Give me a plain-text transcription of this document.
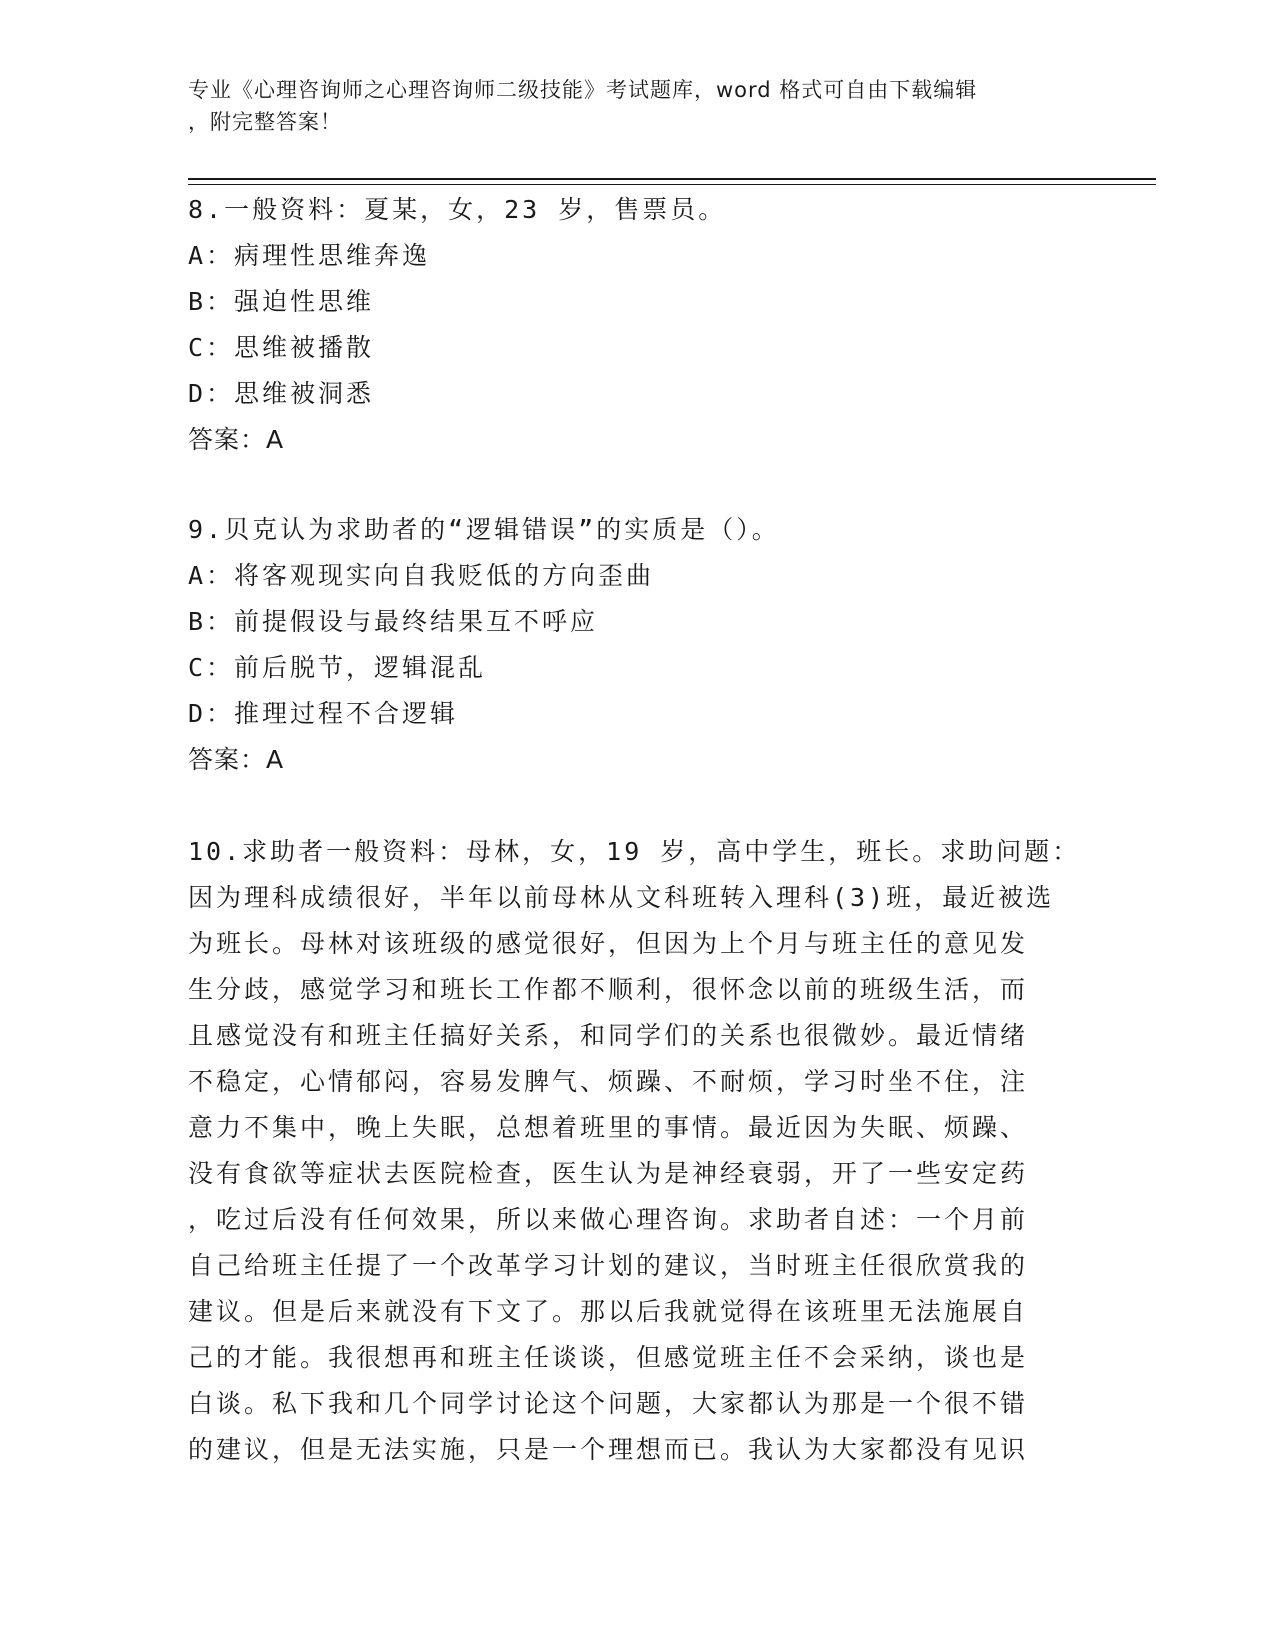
专业《心理咨询师之心理咨询师二级技能》考试题库，word 格式可自由下载编辑
，附完整答案！
8.一般资料：夏某，女，23 岁，售票员。
A：病理性思维奔逸
B：强迫性思维
C：思维被播散
D：思维被洞悉
答案：A
9.贝克认为求助者的“逻辑错误”的实质是（）。
A：将客观现实向自我贬低的方向歪曲
B：前提假设与最终结果互不呼应
C：前后脱节，逻辑混乱
D：推理过程不合逻辑
答案：A
10.求助者一般资料：母林，女，19 岁，高中学生，班长。求助问题：
因为理科成绩很好，半年以前母林从文科班转入理科(3)班，最近被选
为班长。母林对该班级的感觉很好，但因为上个月与班主任的意见发
生分歧，感觉学习和班长工作都不顺利，很怀念以前的班级生活，而
且感觉没有和班主任搞好关系，和同学们的关系也很微妙。最近情绪
不稳定，心情郁闷，容易发脾气、烦躁、不耐烦，学习时坐不住，注
意力不集中，晚上失眠，总想着班里的事情。最近因为失眠、烦躁、
没有食欲等症状去医院检查，医生认为是神经衰弱，开了一些安定药
，吃过后没有任何效果，所以来做心理咨询。求助者自述：一个月前
自己给班主任提了一个改革学习计划的建议，当时班主任很欣赏我的
建议。但是后来就没有下文了。那以后我就觉得在该班里无法施展自
己的才能。我很想再和班主任谈谈，但感觉班主任不会采纳，谈也是
白谈。私下我和几个同学讨论这个问题，大家都认为那是一个很不错
的建议，但是无法实施，只是一个理想而已。我认为大家都没有见识
